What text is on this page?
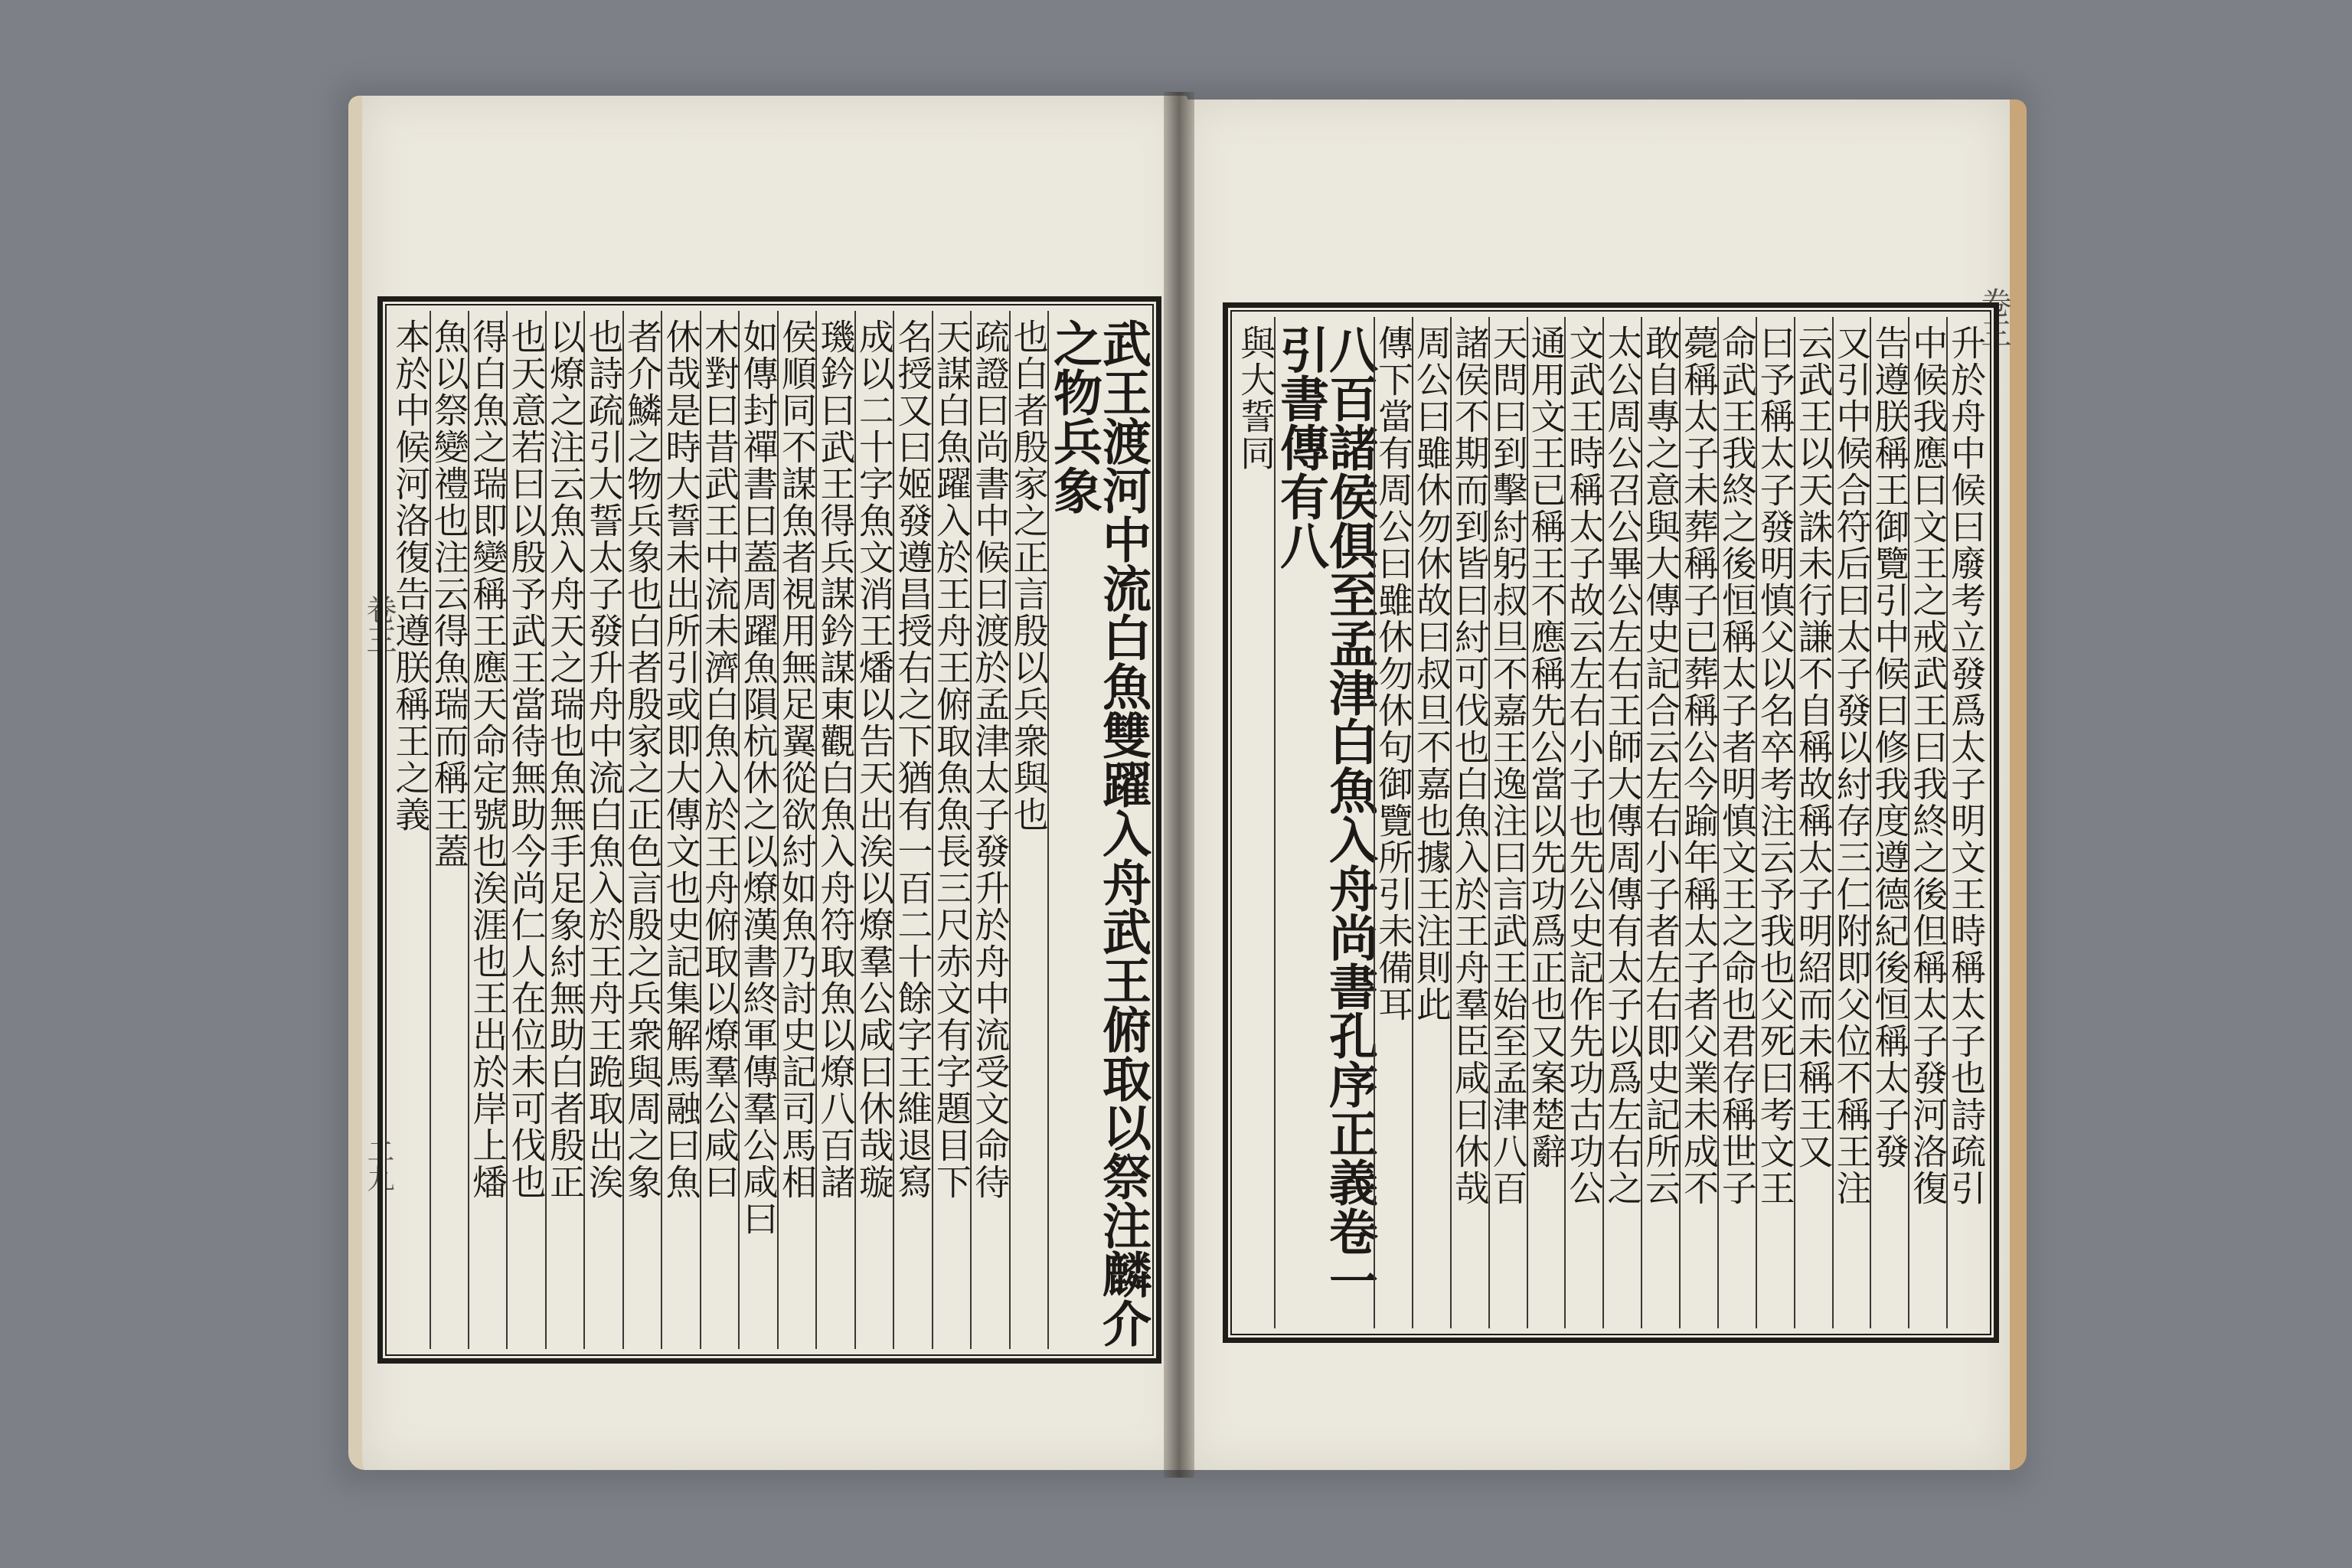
卷三
二九	武王渡河中流白魚雙躍入舟武王俯取以祭注麟介之物兵象
也白者殷家之正言殷以兵衆與也
疏證曰尚書中候曰渡於孟津太子發升於舟中流受文命待
天謀白魚躍入於王舟王俯取魚魚長三尺赤文有字題目下
名授又曰姬發遵昌授右之下猶有一百二十餘字王維退寫
成以二十字魚文消王燔以告天出涘以燎羣公咸曰休哉璇
璣鈐曰武王得兵謀鈐謀東觀白魚入舟符取魚以燎八百諸
侯順同不謀魚者視用無足翼從欲紂如魚乃討史記司馬相
如傳封禪書曰蓋周躍魚隕杭休之以燎漢書終軍傳羣公咸曰
木對曰昔武王中流未濟白魚入於王舟俯取以燎羣公咸曰
休哉是時大誓未出所引或即大傳文也史記集解馬融曰魚
者介鱗之物兵象也白者殷家之正色言殷之兵衆與周之象
也詩疏引大誓太子發升舟中流白魚入於王舟王跪取出涘
以燎之注云魚入舟天之瑞也魚無手足象紂無助白者殷正
也天意若曰以殷予武王當待無助今尚仁人在位未可伐也
得白魚之瑞即變稱王應天命定號也涘涯也王出於岸上燔
魚以祭變禮也注云得魚瑞而稱王蓋
本於中候河洛復告遵朕稱王之義
卷三
升於舟中候曰廢考立發爲太子明文王時稱太子也詩疏引
中候我應曰文王之戒武王曰我終之後但稱太子發河洛復
告遵朕稱王御覽引中候曰修我度遵德紀後恒稱太子發
又引中候合符后曰太子發以紂存三仁附即父位不稱王注
云武王以天誅未行謙不自稱故稱太子明紹而未稱王又
曰予稱太子發明慎父以名卒考注云予我也父死曰考文王
命武王我終之後恒稱太子者明慎文王之命也君存稱世子
薨稱太子未葬稱子已葬稱公今踰年稱太子者父業未成不
敢自專之意與大傳史記合云左右小子者左右即史記所云
太公周公召公畢公左右王師大傳周傳有太子以爲左右之
文武王時稱太子故云左右小子也先公史記作先功古功公
通用文王已稱王不應稱先公當以先功爲正也又案楚辭
天問曰到擊紂躬叔旦不嘉王逸注曰言武王始至孟津八百
諸侯不期而到皆曰紂可伐也白魚入於王舟羣臣咸曰休哉
周公曰雖休勿休故曰叔旦不嘉也據王注則此
傳下當有周公曰雖休勿休句御覽所引未備耳
八百諸侯俱至孟津白魚入舟尚書孔序正義卷一引書傳有八
與大誓同
